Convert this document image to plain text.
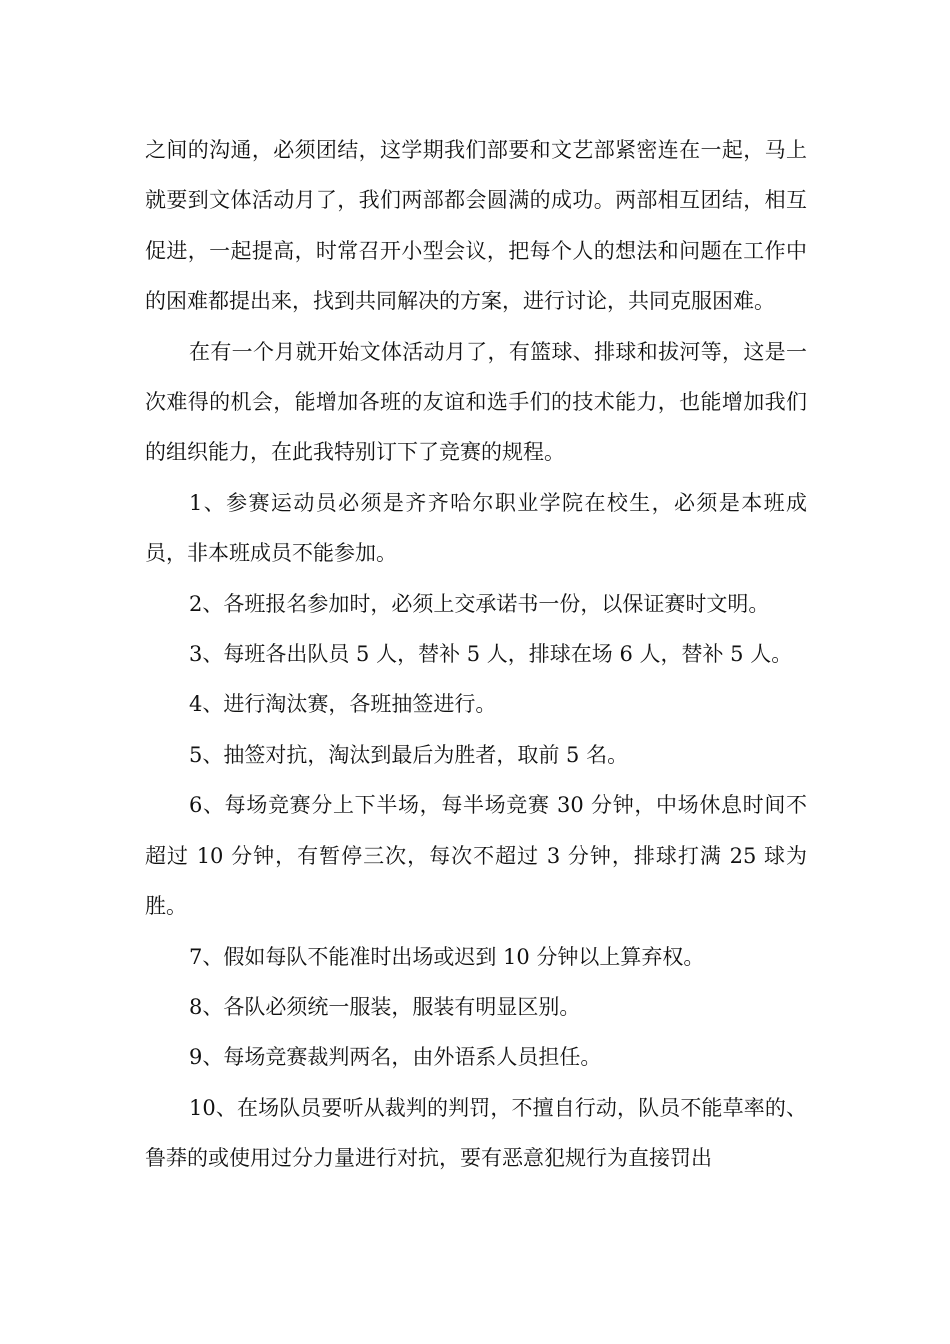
之间的沟通，必须团结，这学期我们部要和文艺部紧密连在一起，马上就要到文体活动月了，我们两部都会圆满的成功。两部相互团结，相互促进，一起提高，时常召开小型会议，把每个人的想法和问题在工作中的困难都提出来，找到共同解决的方案，进行讨论，共同克服困难。

在有一个月就开始文体活动月了，有篮球、排球和拔河等，这是一次难得的机会，能增加各班的友谊和选手们的技术能力，也能增加我们的组织能力，在此我特别订下了竞赛的规程。

1、参赛运动员必须是齐齐哈尔职业学院在校生，必须是本班成员，非本班成员不能参加。

2、各班报名参加时，必须上交承诺书一份，以保证赛时文明。

3、每班各出队员 5 人，替补 5 人，排球在场 6 人，替补 5 人。

4、进行淘汰赛，各班抽签进行。

5、抽签对抗，淘汰到最后为胜者，取前 5 名。

6、每场竞赛分上下半场，每半场竞赛 30 分钟，中场休息时间不超过 10 分钟，有暂停三次，每次不超过 3 分钟，排球打满 25 球为胜。

7、假如每队不能准时出场或迟到 10 分钟以上算弃权。

8、各队必须统一服装，服装有明显区别。

9、每场竞赛裁判两名，由外语系人员担任。

10、在场队员要听从裁判的判罚，不擅自行动，队员不能草率的、鲁莽的或使用过分力量进行对抗，要有恶意犯规行为直接罚出
